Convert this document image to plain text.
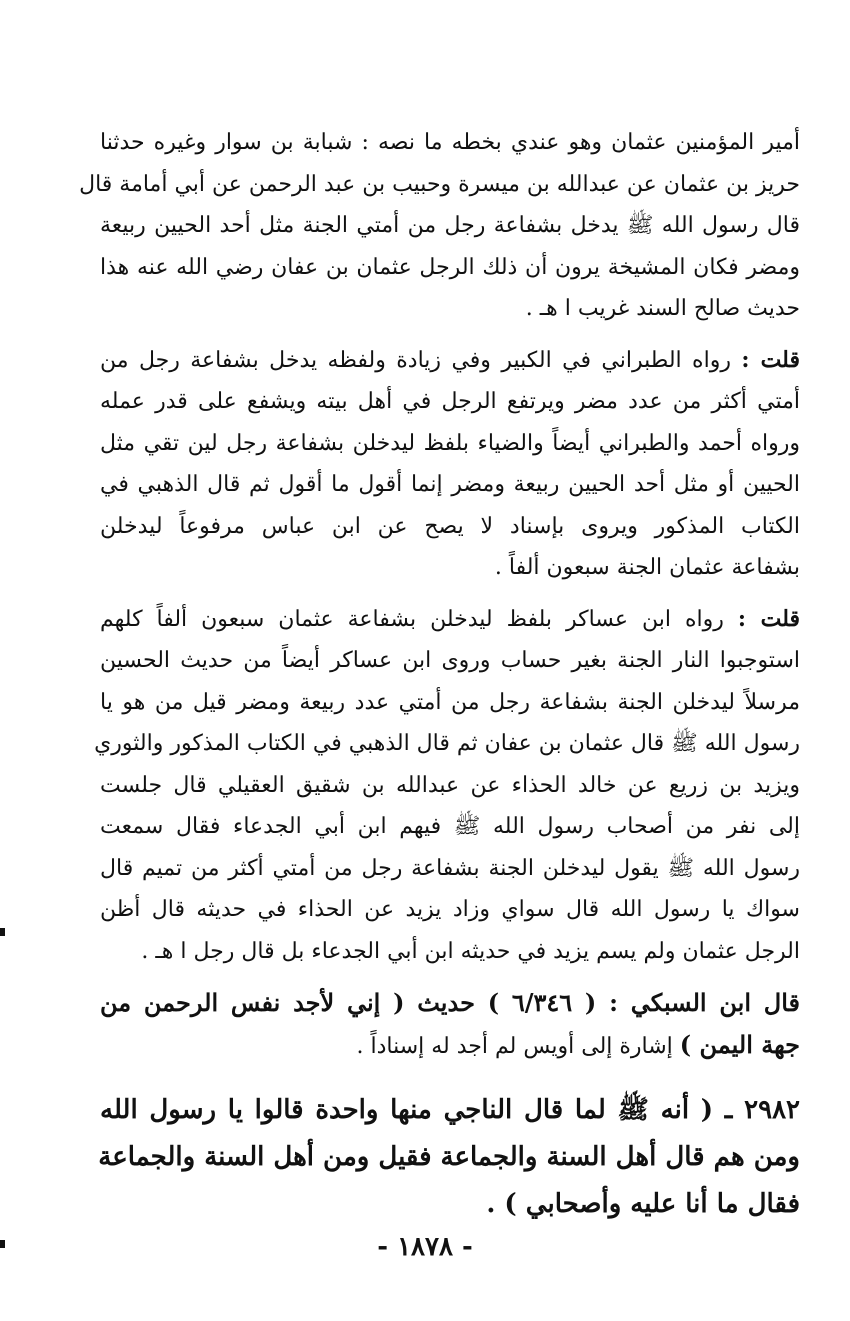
أمير المؤمنين عثمان وهو عندي بخطه ما نصه : شبابة بن سوار وغيره حدثنا
حريز بن عثمان عن عبدالله بن ميسرة وحبيب بن عبد الرحمن عن أبي أمامة قال
قال رسول الله ﷺ يدخل بشفاعة رجل من أمتي الجنة مثل أحد الحيين ربيعة
ومضر فكان المشيخة يرون أن ذلك الرجل عثمان بن عفان رضي الله عنه هذا
حديث صالح السند غريب ا هـ .
قلت : رواه الطبراني في الكبير وفي زيادة ولفظه يدخل بشفاعة رجل من
أمتي أكثر من عدد مضر ويرتفع الرجل في أهل بيته ويشفع على قدر عمله
ورواه أحمد والطبراني أيضاً والضياء بلفظ ليدخلن بشفاعة رجل لين تقي مثل
الحيين أو مثل أحد الحيين ربيعة ومضر إنما أقول ما أقول ثم قال الذهبي في
الكتاب المذكور ويروى بإسناد لا يصح عن ابن عباس مرفوعاً ليدخلن
بشفاعة عثمان الجنة سبعون ألفاً .
قلت : رواه ابن عساكر بلفظ ليدخلن بشفاعة عثمان سبعون ألفاً كلهم
استوجبوا النار الجنة بغير حساب وروى ابن عساكر أيضاً من حديث الحسين
مرسلاً ليدخلن الجنة بشفاعة رجل من أمتي عدد ربيعة ومضر قيل من هو يا
رسول الله ﷺ قال عثمان بن عفان ثم قال الذهبي في الكتاب المذكور والثوري
ويزيد بن زريع عن خالد الحذاء عن عبدالله بن شقيق العقيلي قال جلست
إلى نفر من أصحاب رسول الله ﷺ فيهم ابن أبي الجدعاء فقال سمعت
رسول الله ﷺ يقول ليدخلن الجنة بشفاعة رجل من أمتي أكثر من تميم قال
سواك يا رسول الله قال سواي وزاد يزيد عن الحذاء في حديثه قال أظن
الرجل عثمان ولم يسم يزيد في حديثه ابن أبي الجدعاء بل قال رجل ا هـ .
قال ابن السبكي : ( ٦/٣٤٦ ) حديث ( إني لأجد نفس الرحمن من
جهة اليمن ) إشارة إلى أويس لم أجد له إسناداً .
٢٩٨٢ ـ ( أنه ﷺ لما قال الناجي منها واحدة قالوا يا رسول الله
ومن هم قال أهل السنة والجماعة فقيل ومن أهل السنة والجماعة
فقال ما أنا عليه وأصحابي ) .
- ١٨٧٨ -
